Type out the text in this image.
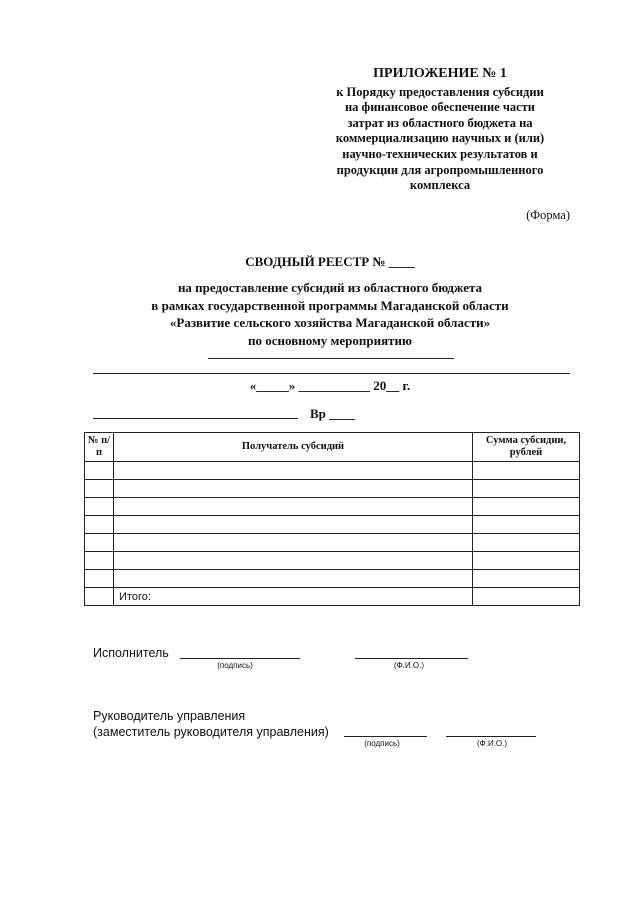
ПРИЛОЖЕНИЕ № 1
к Порядку предоставления субсидии
на финансовое обеспечение части
затрат из областного бюджета на
коммерциализацию научных и (или)
научно-технических результатов и
продукции для агропромышленного
комплекса
(Форма)
СВОДНЫЙ РЕЕСТР № ____
на предоставление субсидий из областного бюджета
в рамках государственной программы Магаданской области
«Развитие сельского хозяйства Магаданской области»
по основному мероприятию
«_____» ___________ 20__ г.
Вр ____
№ п/п	Получатель субсидий	Сумма субсидии, рублей

	Итого:	
Исполнитель
(подпись)	(Ф.И.О.)
Руководитель управления
(заместитель руководителя управления)
(подпись)	(Ф.И.О.)
